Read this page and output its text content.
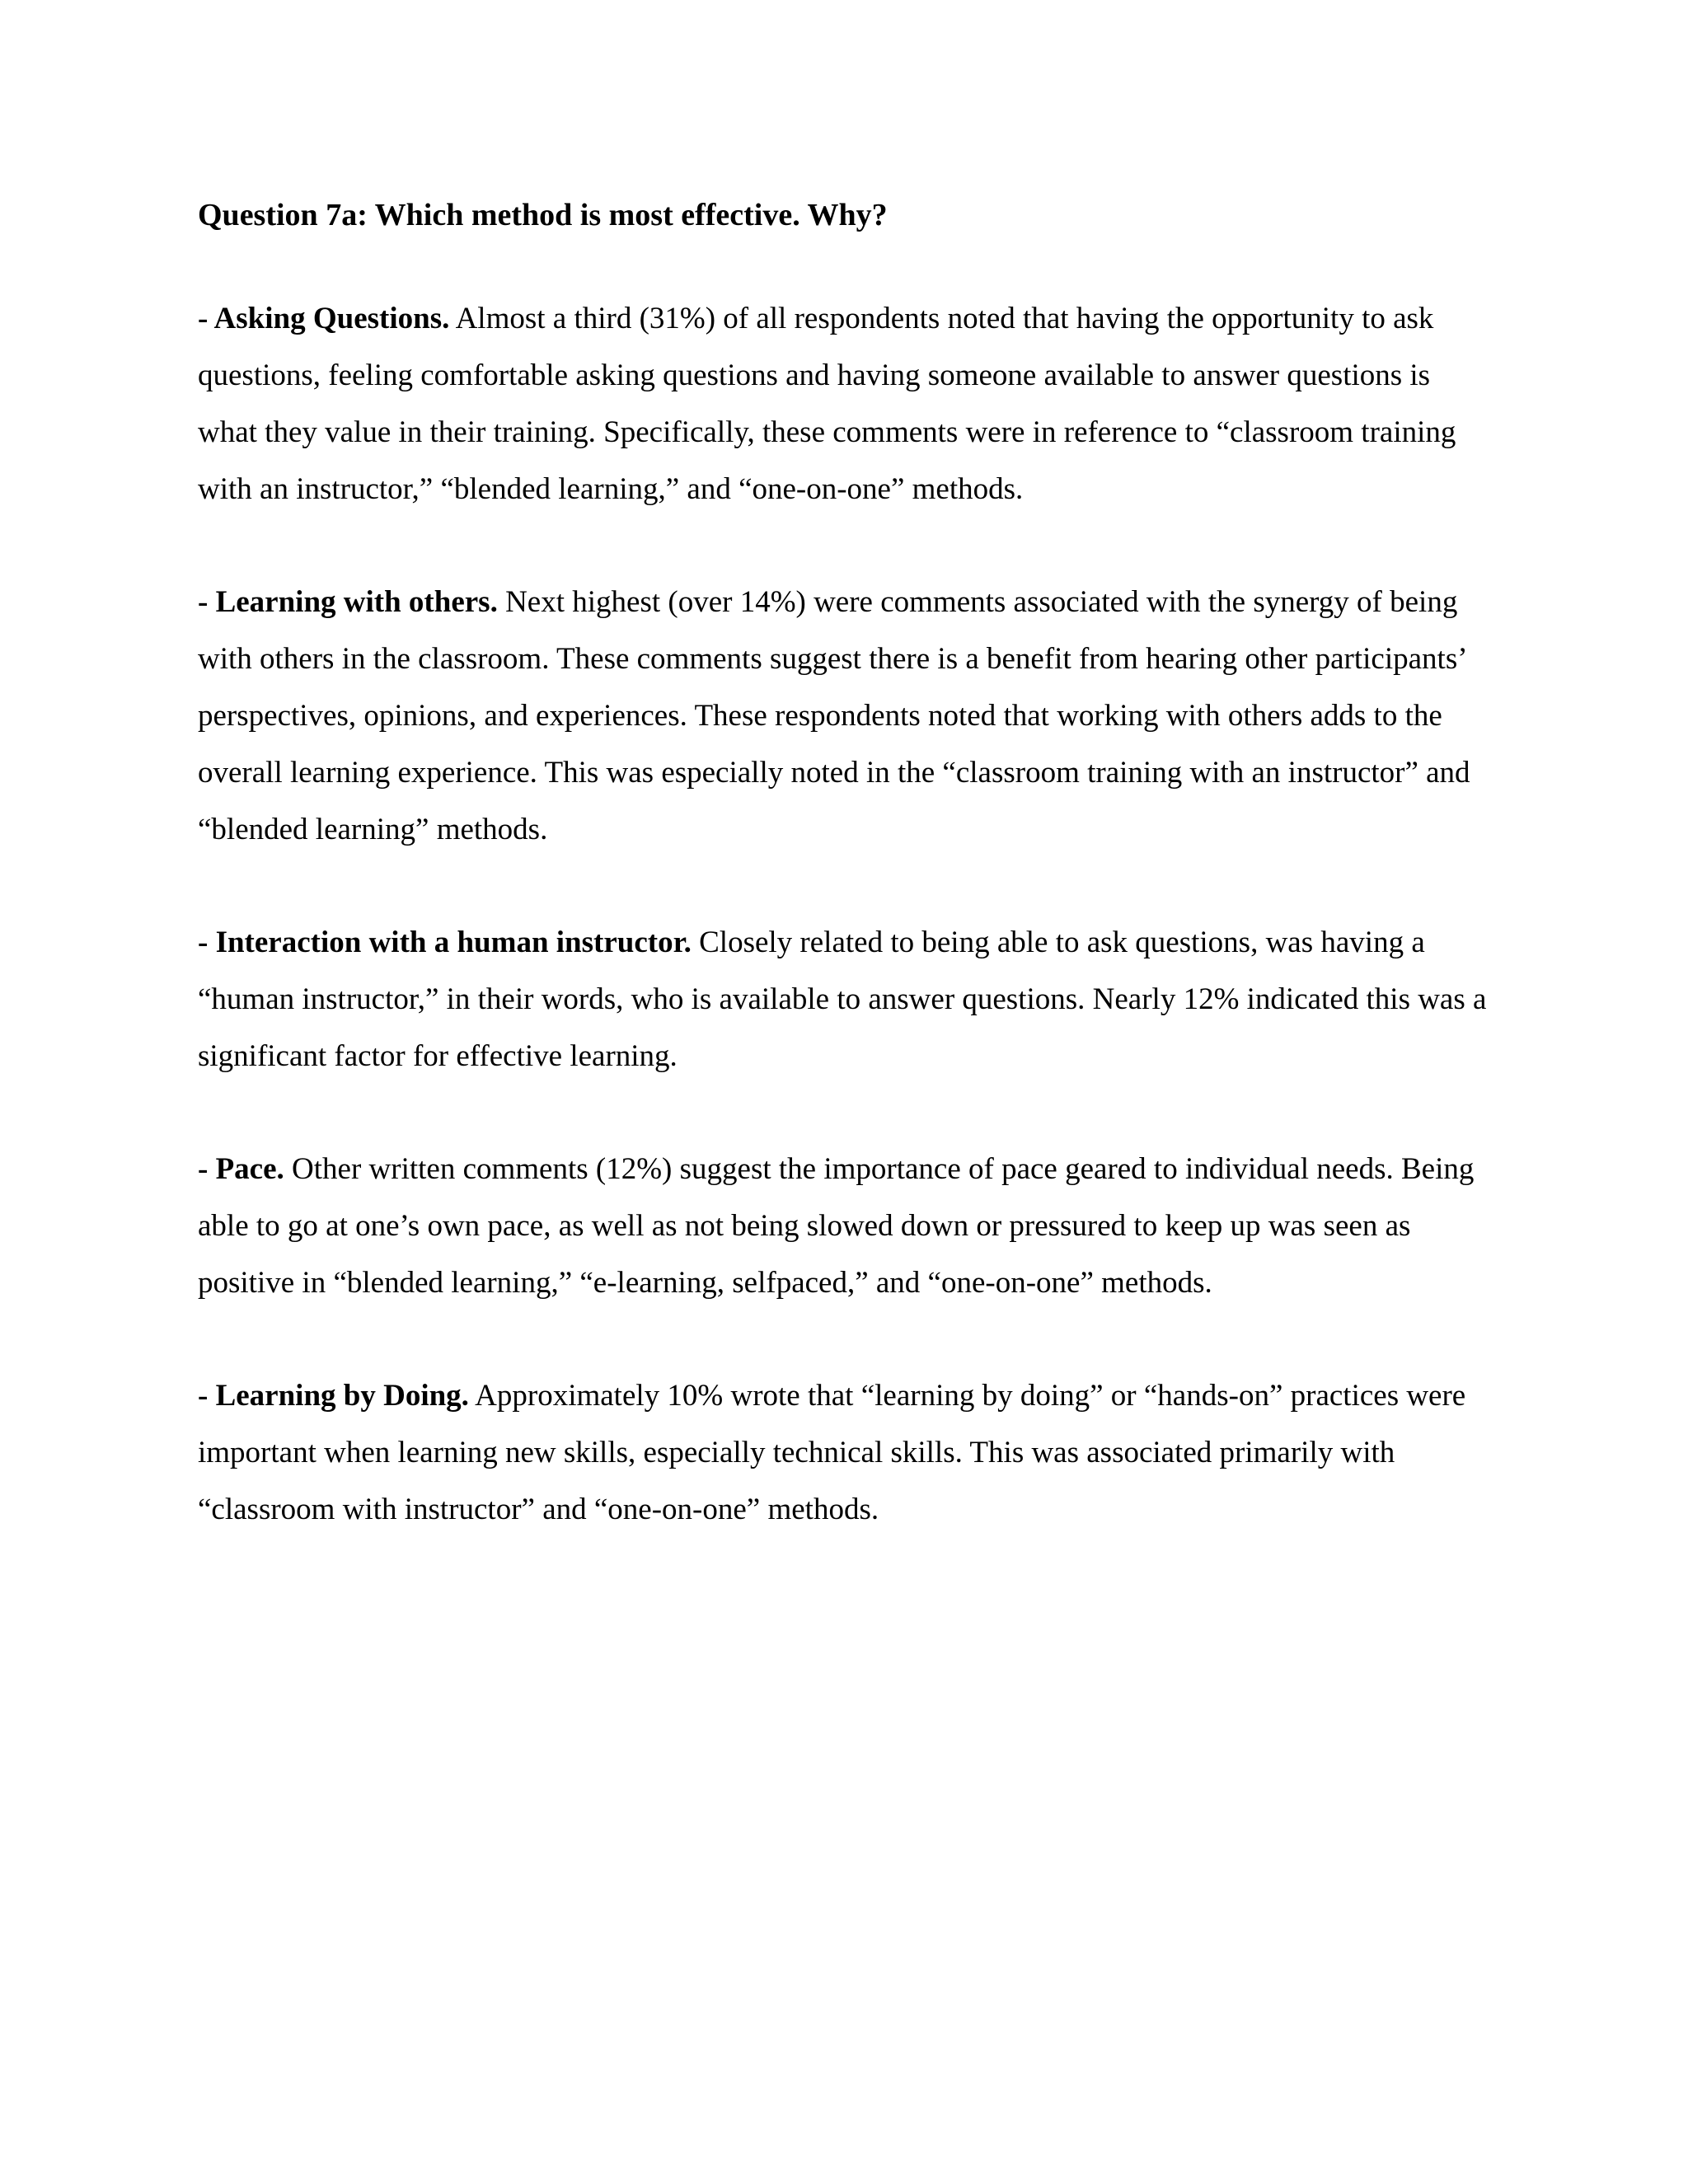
Question 7a: Which method is most effective. Why?

- Asking Questions. Almost a third (31%) of all respondents noted that having the opportunity to ask questions, feeling comfortable asking questions and having someone available to answer questions is what they value in their training. Specifically, these comments were in reference to “classroom training with an instructor,” “blended learning,” and “one-on-one” methods.

- Learning with others. Next highest (over 14%) were comments associated with the synergy of being with others in the classroom. These comments suggest there is a benefit from hearing other participants’ perspectives, opinions, and experiences. These respondents noted that working with others adds to the overall learning experience. This was especially noted in the “classroom training with an instructor” and “blended learning” methods.

- Interaction with a human instructor. Closely related to being able to ask questions, was having a “human instructor,” in their words, who is available to answer questions. Nearly 12% indicated this was a significant factor for effective learning.

- Pace. Other written comments (12%) suggest the importance of pace geared to individual needs. Being able to go at one’s own pace, as well as not being slowed down or pressured to keep up was seen as positive in “blended learning,” “e-learning, selfpaced,” and “one-on-one” methods.

- Learning by Doing. Approximately 10% wrote that “learning by doing” or “hands-on” practices were important when learning new skills, especially technical skills. This was associated primarily with “classroom with instructor” and “one-on-one” methods.
